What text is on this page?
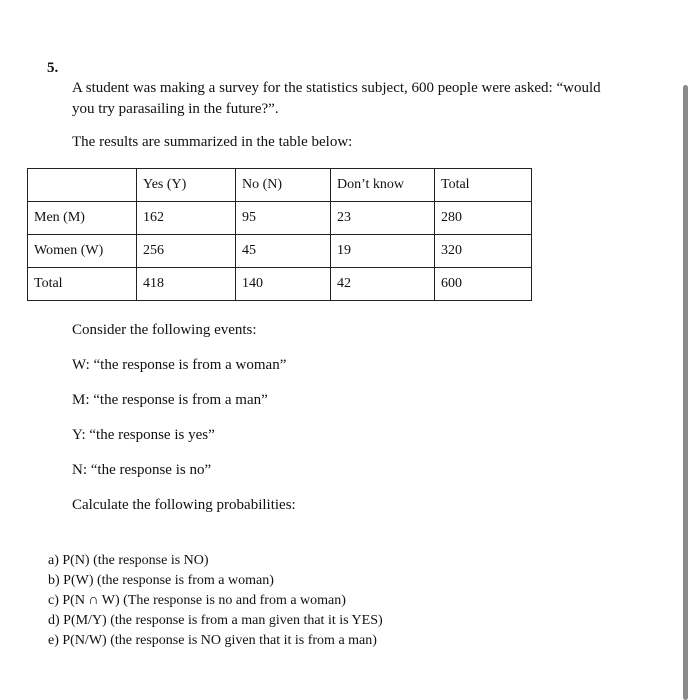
5.
A student was making a survey for the statistics subject, 600 people were asked: “would you try parasailing in the future?”.
The results are summarized in the table below:
	Yes (Y)	No (N)	Don’t know	Total
Men (M)	162	95	23	280
Women (W)	256	45	19	320
Total	418	140	42	600
Consider the following events:
W: “the response is from a woman”
M: “the response is from a man”
Y: “the response is yes”
N: “the response is no”
Calculate the following probabilities:
a) P(N) (the response is NO)
b) P(W) (the response is from a woman)
c) P(N ∩ W) (The response is no and from a woman)
d) P(M/Y) (the response is from a man given that it is YES)
e) P(N/W) (the response is NO given that it is from a man)
